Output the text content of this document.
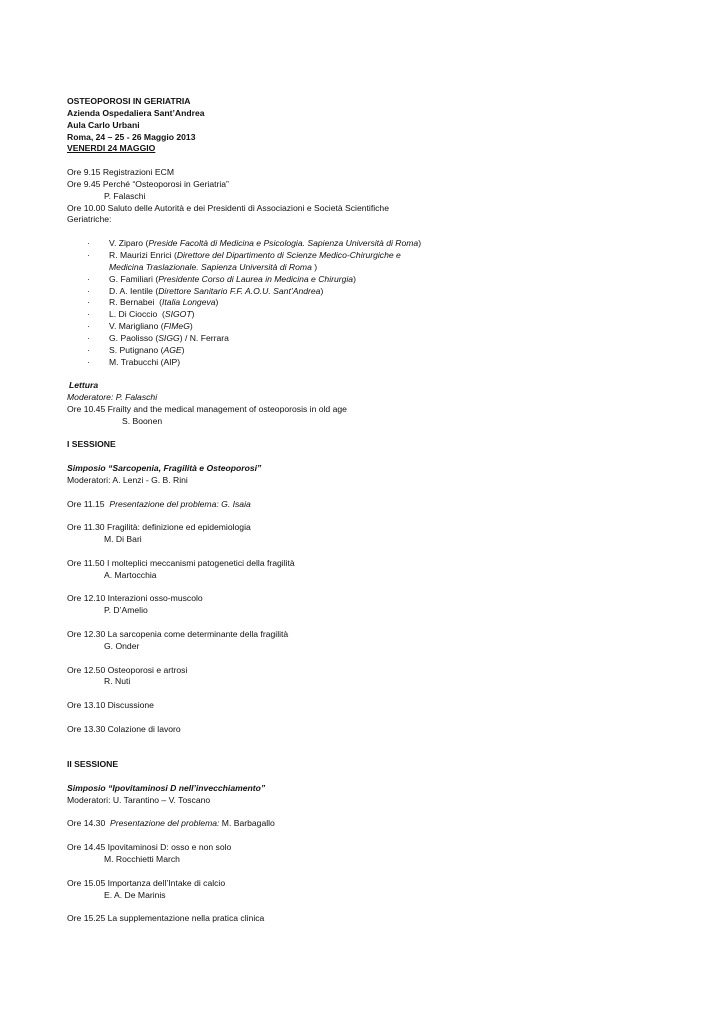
OSTEOPOROSI IN GERIATRIA
Azienda Ospedaliera Sant’Andrea
Aula Carlo Urbani
Roma, 24 – 25 - 26 Maggio 2013
VENERDI 24 MAGGIO
Ore 9.15 Registrazioni ECM
Ore 9.45 Perché “Osteoporosi in Geriatria”
P. Falaschi
Ore 10.00 Saluto delle Autorità e dei Presidenti di Associazioni e Società Scientifiche
Geriatriche:
· V. Ziparo (Preside Facoltà di Medicina e Psicologia. Sapienza Università di Roma)
· R. Maurizi Enrici (Direttore del Dipartimento di Scienze Medico-Chirurgiche e
Medicina Traslazionale. Sapienza Università di Roma )
· G. Familiari (Presidente Corso di Laurea in Medicina e Chirurgia)
· D. A. Ientile (Direttore Sanitario F.F. A.O.U. Sant’Andrea)
· R. Bernabei  (Italia Longeva)
· L. Di Cioccio  (SIGOT)
· V. Marigliano (FIMeG)
· G. Paolisso (SIGG) / N. Ferrara
· S. Putignano (AGE)
· M. Trabucchi (AIP)
Lettura
Moderatore: P. Falaschi
Ore 10.45 Frailty and the medical management of osteoporosis in old age
S. Boonen
I SESSIONE
Simposio “Sarcopenia, Fragilità e Osteoporosi”
Moderatori: A. Lenzi - G. B. Rini
Ore 11.15  Presentazione del problema: G. Isaia
Ore 11.30 Fragilità: definizione ed epidemiologia
M. Di Bari
Ore 11.50 I molteplici meccanismi patogenetici della fragilità
A. Martocchia
Ore 12.10 Interazioni osso-muscolo
P. D’Amelio
Ore 12.30 La sarcopenia come determinante della fragilità
G. Onder
Ore 12.50 Osteoporosi e artrosi
R. Nuti
Ore 13.10 Discussione
Ore 13.30 Colazione di lavoro
II SESSIONE
Simposio “Ipovitaminosi D nell’invecchiamento”
Moderatori: U. Tarantino – V. Toscano
Ore 14.30  Presentazione del problema: M. Barbagallo
Ore 14.45 Ipovitaminosi D: osso e non solo
M. Rocchietti March
Ore 15.05 Importanza dell’Intake di calcio
E. A. De Marinis
Ore 15.25 La supplementazione nella pratica clinica
